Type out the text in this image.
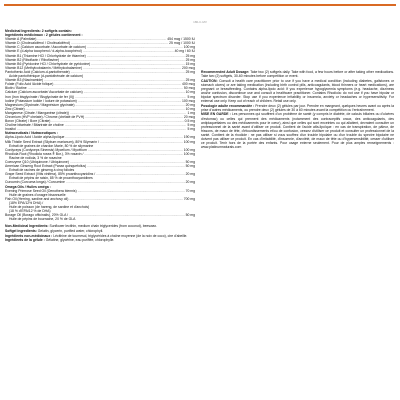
180-C-MV
Medicinal Ingredients: 2 softgels contain:
Ingrédients médicinaux : 2 gélules contiennent :
Vitamin A (Palmitate) .....	454 mcg / 1500 IU
Vitamin D (Cholecalciferol / Cholécalciférol) .....	25 mcg / 1000 IU
Vitamin C (Calcium ascorbate / Ascorbate de calcium) .....	100 mg
Vitamin E (d-alpha tocopherol / d-alpha-tocophérol) .....	40 mg / 60 IU
Vitamin B1 (Thiamine HCl / Chlorhydrate de thiamine) .....	25 mg
Vitamin B2 (Riboflavin / Riboflavine) .....	25 mg
Vitamin B6 (Pyridoxine HCl / Chlorhydrate de pyridoxine) .....	15 mg
Vitamin B12 (Methylcobalamin / Méthylcobalamine) .....	200 mcg
Pantothenic Acid (Calcium-d-pantothenate) .....	25 mg
Acide pantothénique (d-pantothénate de calcium)
Vitamin B3 (Niacinamide) .....	25 mg
Folate (Folic Acid /Acide folique) .....	400 mcg
Biotin / Biotine .....	50 mcg
Calcium (Calcium ascorbate/ Ascorbate de calcium) .....	10 mg
Iron (Iron bisglycinate / Bisglycinate de fer (II)) .....	5 mg
Iodine (Potassium iodide / Iodure de potassium) .....	100 mcg
Magnesium (Glycinate / Magnésium glycinate) .....	20 mg
Zinc (Citrate) .....	10 mg
Manganese (Citrate / Manganèse (citrate)) .....	1 mg
Chromium (HVP chelate) / Chrome (chélaté de PVH) .....	20 mcg
Boron (Citrate) / Bore (Citrate) .....	0.5 mg
Choline bitartrate / Bitartrate de choline .....	5 mg
Inositol .....	5 mg
Nutraceuticals / Nutraceutiques :
Alpha-Lipoic Acid / Acide alpha-lipoïque .....	190 mg
Milk Thistle Seed Extract (Silybum marianum), 80% Silymarin / .....	100 mg
Extrait de graines de chardon Marie, 80 % de silymarine
Cordyceps (Cordyceps Sinensis) Mycelium / Mycélium .....	100 mg
Rhodiola Root (Rhodiola rosea ® Bor.), 3% rosavin / .....	100 mg
Racine de rodiola, 3 % de rosavine
Coenzyme Q10 (Ubiquinone / Ubiquinone) .....	50 mg
American Ginseng Root Extract (Panax quinquefolius) .....	50 mg
Extrait de racines de ginseng à cinq folioles
Grape Seed Extract (Vitis vinifera), 85% proanthocyanidins / .....	20 mg
Extrait de pépins de raisin, 85 % de proanthocyanidines
Curcumin (Curcuma longa) / Curcumine .....	20 mg
Omega Oils / Huiles oméga :
Evening Primrose Seed Oil (Oenothera biennis) .....	70 mg
Huile de graines d'onagre bisannuelle
Fish Oil (Herring, sardine and anchovy oil) .....	700 mg
(18% EPA/12% DHA) /
Huile de poisson (de hareng, de sardine et d'anchois)
(18 % d'EPA/12 % de DHA)
Borage Oil (Borago officinalis), 20% GLA / .....	50 mg
Huile de pépins de bourrache, 20 % de GLA

Non-Medicinal Ingredients: Sunflower lecithin, medium chain triglycerides (from coconut), beeswax.

Softgel ingredients: Gelatin, glycerin, purified water, chlorophyll.

Ingrédients non-médicinaux : Lécithine de tournesol, triglycérides à chaîne moyenne (de la noix de coco), cire d'abeille.

Ingrédients de la gélule : Gélatine, glycérine, eau purifiée, chlorophylle.

Recommended Adult Dosage: Take two (2) softgels daily. Take with food, a few hours before or after taking other medications. Take two (2) softgels, 30-60 minutes before competition or event.

CAUTION: Consult a health care practitioner prior to use if you have a medical condition (including diabetes, gallstones or stomach ulcers) or are taking medication (including birth control pills, anticoagulants, blood thinners or heart medications), are pregnant or breastfeeding. Contains alpha-lipoic acid: If you experience hypoglycemia symptoms (e.g. headache, dizziness and/or confusion, discontinue use and consult a healthcare practitioner. Contains Rhodiola: do not use if you have bipolar or bipolar spectrum disorder. Stop use if you experience irritability or insomnia, anxiety or headaches or hypersensitivity. For external use only. Keep out of reach of children. Retail use only.

Posologie adulte recommandée : Prendre deux (2) gélules par jour. Prendre en mangeant, quelques heures avant ou après la prise d'autres médicaments, ou prendre deux (2) gélules de 30 à 60 minutes avant la compétition ou l'entraînement.

MISE EN GARDE : Les personnes qui souffrent d'un problème de santé (y compris le diabète, de calculs biliaires ou d'ulcères d'estomac) ou celles qui prennent des médicaments (notamment des contraceptifs oraux, des anticoagulants, des antiplaquettaires ou des médicaments pour le cœur), ainsi que celles qui sont enceintes ou qui allaitent, devraient consulter un professionnel de la santé avant d'utiliser ce produit. Contient de l'acide alfa-lipoïque : en cas de transpiration, de pâleur, de frissons, de maux de tête, d'étourdissements et/ou de confusion, cessez d'utiliser ce produit et consulter un professionnel de la santé. Contient de la rhodiole : ne pas utiliser si vous souffrez d'un trouble bipolaire ou d'un trouble du spectre bipolaire ne doivent pas utiliser ce produit. En cas d'irritabilité, d'insomnie, d'anxiété, de maux de tête ou d'hypersensibilité, cesser d'utiliser ce produit. Tenir hors de la portée des enfants. Pour usage externe seulement. Pour de plus amples renseignements : www.platinumnaturals.com
